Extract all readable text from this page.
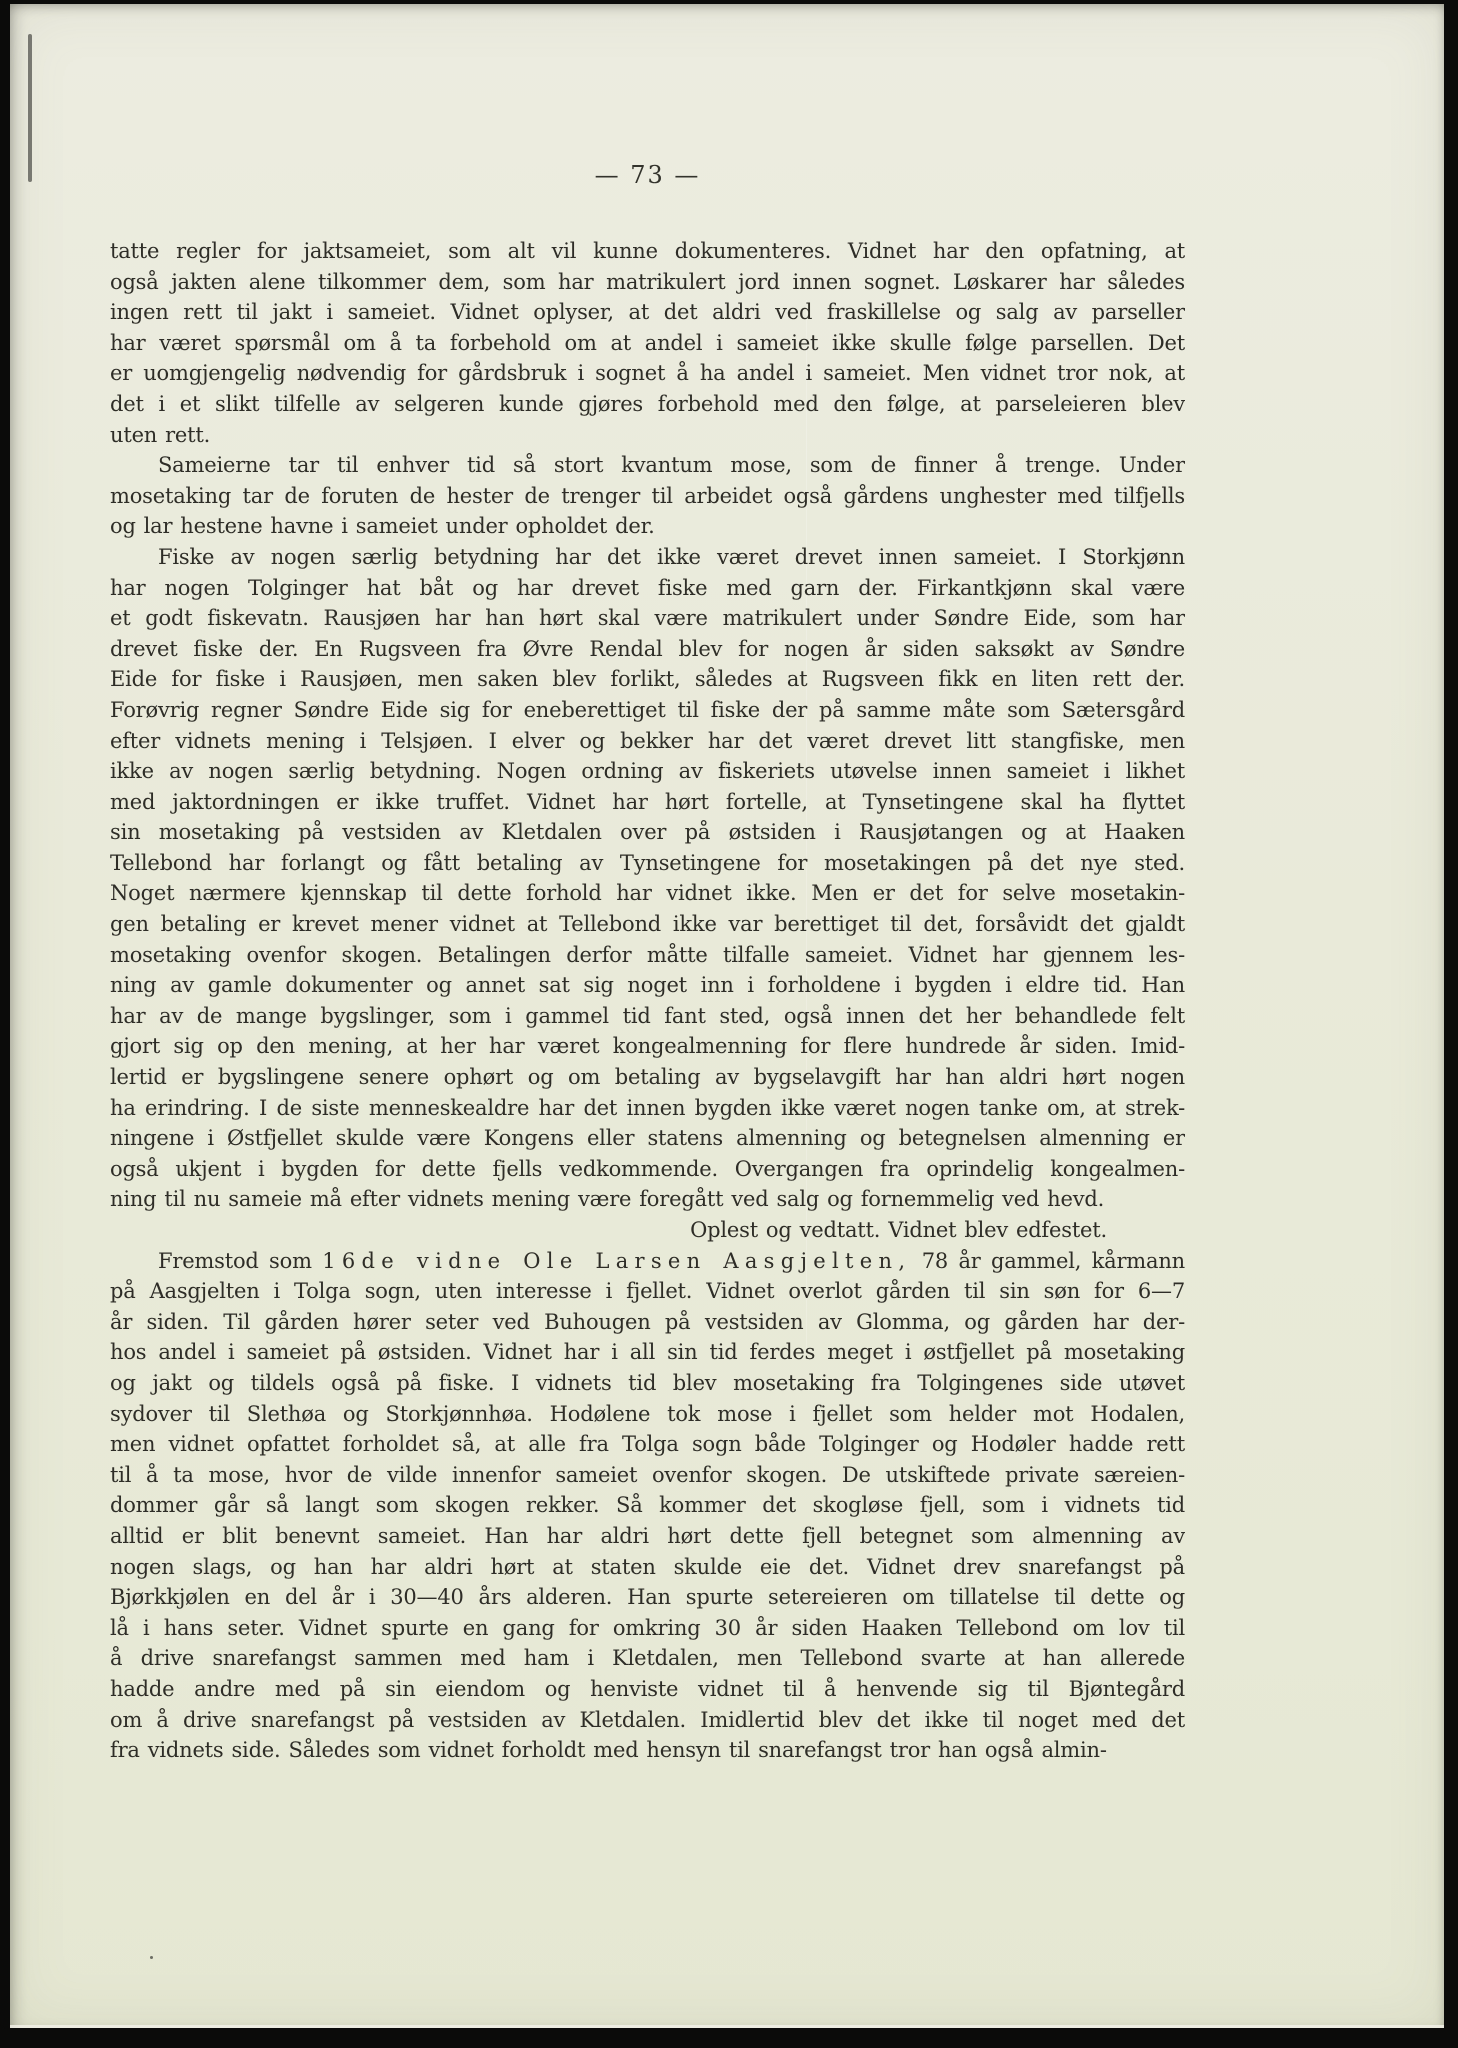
— 73 —
tatte regler for jaktsameiet, som alt vil kunne dokumenteres. Vidnet har den opfatning, at
også jakten alene tilkommer dem, som har matrikulert jord innen sognet. Løskarer har således
ingen rett til jakt i sameiet. Vidnet oplyser, at det aldri ved fraskillelse og salg av parseller
har været spørsmål om å ta forbehold om at andel i sameiet ikke skulle følge parsellen. Det
er uomgjengelig nødvendig for gårdsbruk i sognet å ha andel i sameiet. Men vidnet tror nok, at
det i et slikt tilfelle av selgeren kunde gjøres forbehold med den følge, at parseleieren blev
uten rett.
Sameierne tar til enhver tid så stort kvantum mose, som de finner å trenge. Under
mosetaking tar de foruten de hester de trenger til arbeidet også gårdens unghester med tilfjells
og lar hestene havne i sameiet under opholdet der.
Fiske av nogen særlig betydning har det ikke været drevet innen sameiet. I Storkjønn
har nogen Tolginger hat båt og har drevet fiske med garn der. Firkantkjønn skal være
et godt fiskevatn. Rausjøen har han hørt skal være matrikulert under Søndre Eide, som har
drevet fiske der. En Rugsveen fra Øvre Rendal blev for nogen år siden saksøkt av Søndre
Eide for fiske i Rausjøen, men saken blev forlikt, således at Rugsveen fikk en liten rett der.
Forøvrig regner Søndre Eide sig for eneberettiget til fiske der på samme måte som Sætersgård
efter vidnets mening i Telsjøen. I elver og bekker har det været drevet litt stangfiske, men
ikke av nogen særlig betydning. Nogen ordning av fiskeriets utøvelse innen sameiet i likhet
med jaktordningen er ikke truffet. Vidnet har hørt fortelle, at Tynsetingene skal ha flyttet
sin mosetaking på vestsiden av Kletdalen over på østsiden i Rausjøtangen og at Haaken
Tellebond har forlangt og fått betaling av Tynsetingene for mosetakingen på det nye sted.
Noget nærmere kjennskap til dette forhold har vidnet ikke. Men er det for selve mosetakin-
gen betaling er krevet mener vidnet at Tellebond ikke var berettiget til det, forsåvidt det gjaldt
mosetaking ovenfor skogen. Betalingen derfor måtte tilfalle sameiet. Vidnet har gjennem les-
ning av gamle dokumenter og annet sat sig noget inn i forholdene i bygden i eldre tid. Han
har av de mange bygslinger, som i gammel tid fant sted, også innen det her behandlede felt
gjort sig op den mening, at her har været kongealmenning for flere hundrede år siden. Imid-
lertid er bygslingene senere ophørt og om betaling av bygselavgift har han aldri hørt nogen
ha erindring. I de siste menneskealdre har det innen bygden ikke været nogen tanke om, at strek-
ningene i Østfjellet skulde være Kongens eller statens almenning og betegnelsen almenning er
også ukjent i bygden for dette fjells vedkommende. Overgangen fra oprindelig kongealmen-
ning til nu sameie må efter vidnets mening være foregått ved salg og fornemmelig ved hevd.
Oplest og vedtatt. Vidnet blev edfestet.
Fremstod som 16de vidne Ole Larsen Aasgjelten, 78 år gammel, kårmann
på Aasgjelten i Tolga sogn, uten interesse i fjellet. Vidnet overlot gården til sin søn for 6—7
år siden. Til gården hører seter ved Buhougen på vestsiden av Glomma, og gården har der-
hos andel i sameiet på østsiden. Vidnet har i all sin tid ferdes meget i østfjellet på mosetaking
og jakt og tildels også på fiske. I vidnets tid blev mosetaking fra Tolgingenes side utøvet
sydover til Slethøa og Storkjønnhøa. Hodølene tok mose i fjellet som helder mot Hodalen,
men vidnet opfattet forholdet så, at alle fra Tolga sogn både Tolginger og Hodøler hadde rett
til å ta mose, hvor de vilde innenfor sameiet ovenfor skogen. De utskiftede private særeien-
dommer går så langt som skogen rekker. Så kommer det skogløse fjell, som i vidnets tid
alltid er blit benevnt sameiet. Han har aldri hørt dette fjell betegnet som almenning av
nogen slags, og han har aldri hørt at staten skulde eie det. Vidnet drev snarefangst på
Bjørkkjølen en del år i 30—40 års alderen. Han spurte setereieren om tillatelse til dette og
lå i hans seter. Vidnet spurte en gang for omkring 30 år siden Haaken Tellebond om lov til
å drive snarefangst sammen med ham i Kletdalen, men Tellebond svarte at han allerede
hadde andre med på sin eiendom og henviste vidnet til å henvende sig til Bjøntegård
om å drive snarefangst på vestsiden av Kletdalen. Imidlertid blev det ikke til noget med det
fra vidnets side. Således som vidnet forholdt med hensyn til snarefangst tror han også almin-
